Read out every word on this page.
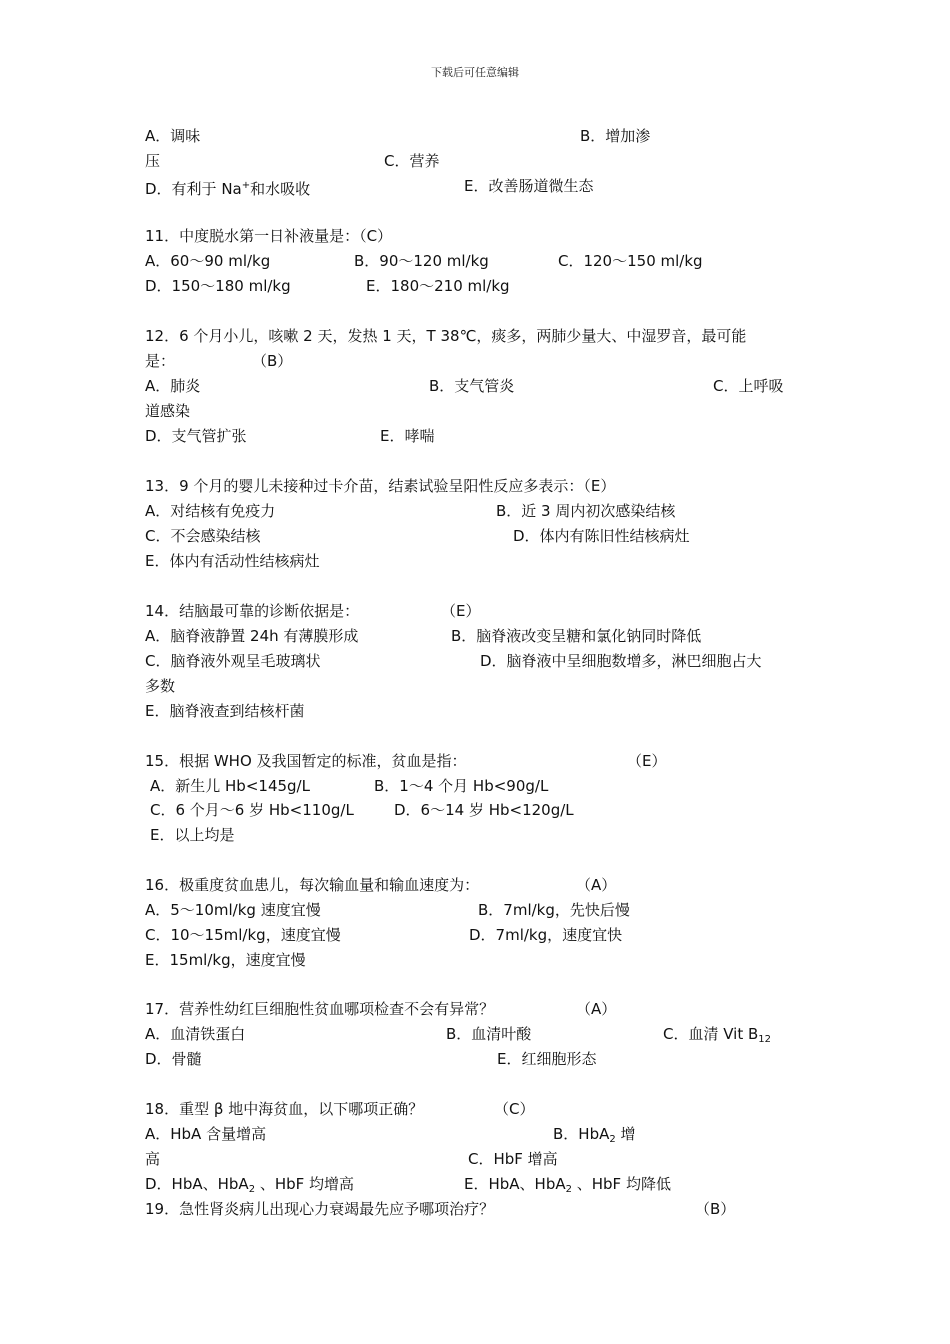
下载后可任意编辑
A．调味	B．增加渗
压	C．营养
D．有利于 Na+和水吸收	E．改善肠道微生态
11．中度脱水第一日补液量是：（C）
A．60～90 ml/kg	B．90～120 ml/kg	C．120～150 ml/kg
D．150～180 ml/kg	E．180～210 ml/kg
12．6 个月小儿，咳嗽 2 天，发热 1 天，T 38℃，痰多，两肺少量大、中湿罗音，最可能
是：	（B）
A．肺炎	B．支气管炎	C．上呼吸
道感染
D．支气管扩张	E．哮喘
13．9 个月的婴儿未接种过卡介苗，结素试验呈阳性反应多表示：（E）
A．对结核有免疫力	B．近 3 周内初次感染结核
C．不会感染结核	D．体内有陈旧性结核病灶
E．体内有活动性结核病灶
14．结脑最可靠的诊断依据是：	（E）
A．脑脊液静置 24h 有薄膜形成	B．脑脊液改变呈糖和氯化钠同时降低
C．脑脊液外观呈毛玻璃状	D．脑脊液中呈细胞数增多，淋巴细胞占大
多数
E．脑脊液查到结核杆菌
15．根据 WHO 及我国暂定的标准，贫血是指：	（E）
A．新生儿 Hb<145g/L	B．1～4 个月 Hb<90g/L
C．6 个月～6 岁 Hb<110g/L	D．6～14 岁 Hb<120g/L
E．以上均是
16．极重度贫血患儿，每次输血量和输血速度为：	（A）
A．5～10ml/kg 速度宜慢	B．7ml/kg，先快后慢
C．10～15ml/kg，速度宜慢	D．7ml/kg，速度宜快
E．15ml/kg，速度宜慢
17．营养性幼红巨细胞性贫血哪项检查不会有异常？	（A）
A．血清铁蛋白	B．血清叶酸	C．血清 Vit $B_{12}$
D．骨髓	E．红细胞形态
18．重型 β 地中海贫血，以下哪项正确？	（C）
A．HbA 含量增高	B．HbA$_2$ 增
高	C．HbF 增高
D．HbA、HbA$_2$ 、HbF 均增高	E．HbA、HbA$_2$ 、HbF 均降低
19．急性肾炎病儿出现心力衰竭最先应予哪项治疗？	（B）
